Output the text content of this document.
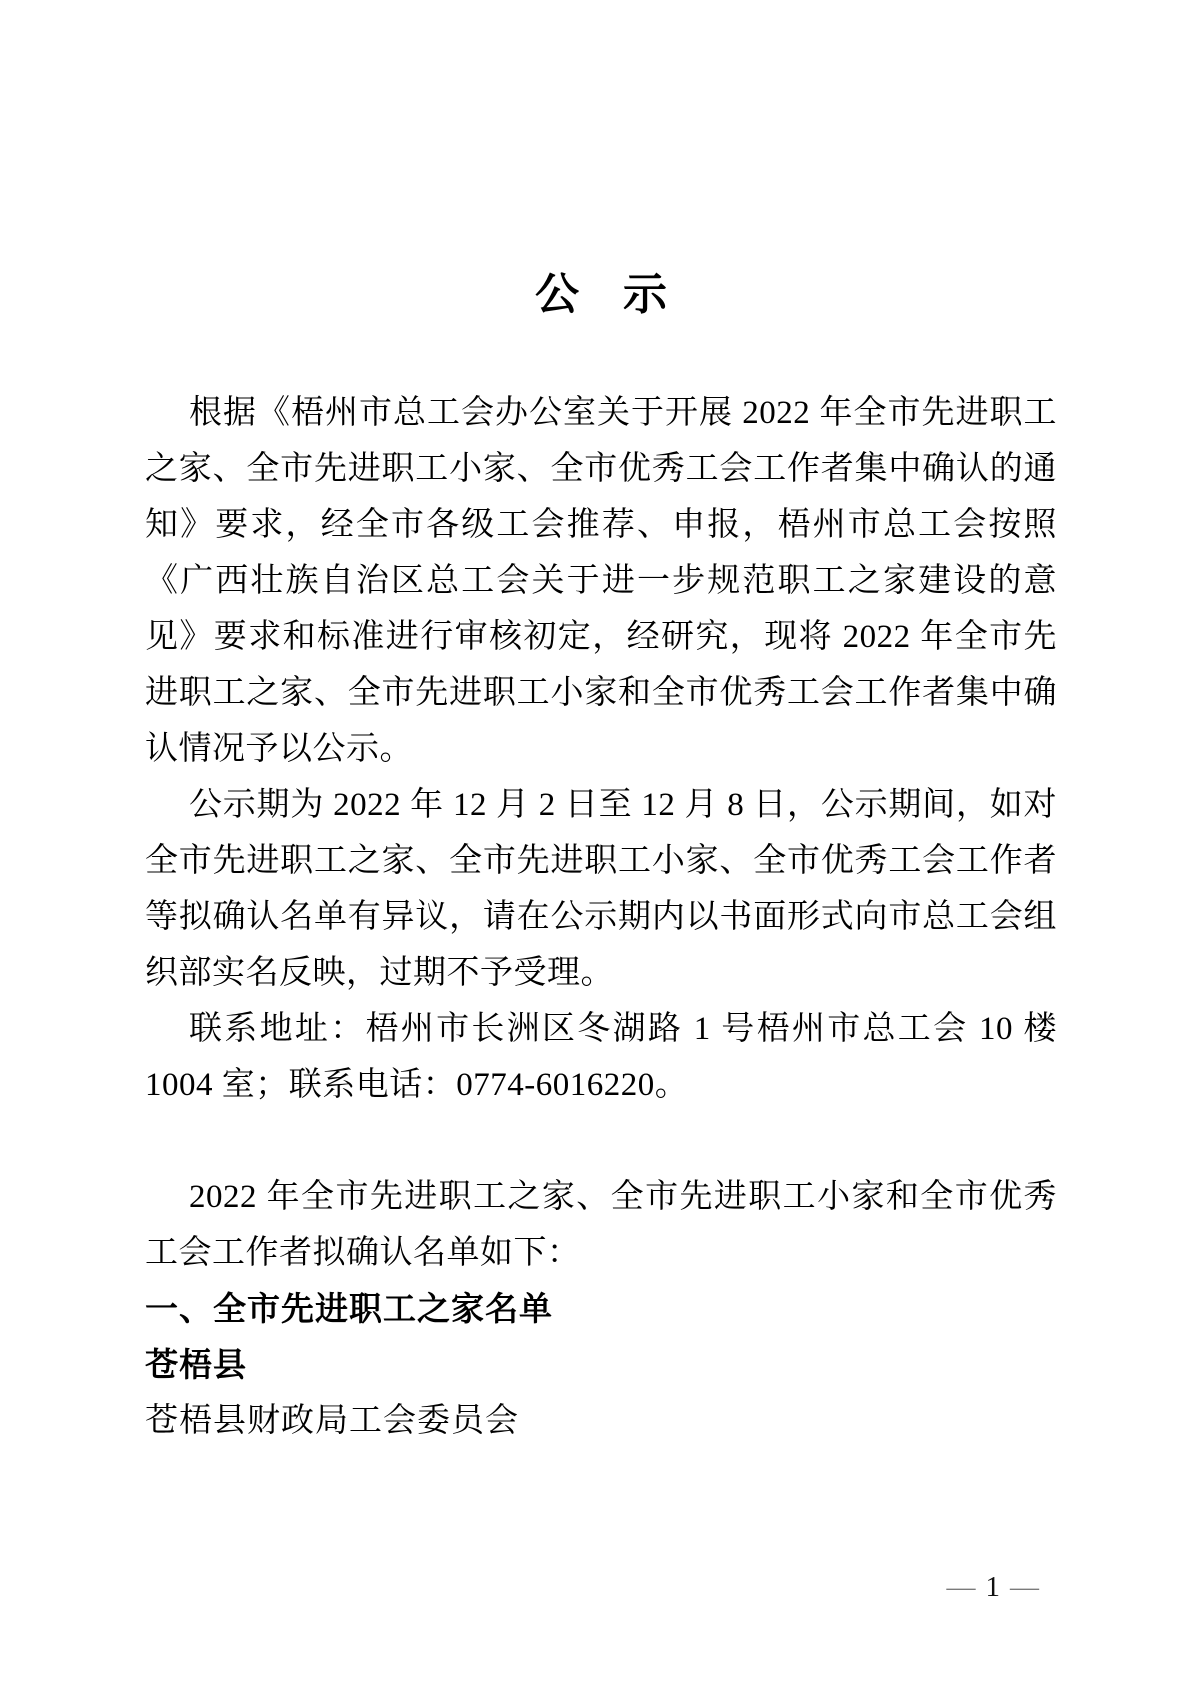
公　示

根据《梧州市总工会办公室关于开展 2022 年全市先进职工之家、全市先进职工小家、全市优秀工会工作者集中确认的通知》要求，经全市各级工会推荐、申报，梧州市总工会按照《广西壮族自治区总工会关于进一步规范职工之家建设的意见》要求和标准进行审核初定，经研究，现将 2022 年全市先进职工之家、全市先进职工小家和全市优秀工会工作者集中确认情况予以公示。

公示期为 2022 年 12 月 2 日至 12 月 8 日，公示期间，如对全市先进职工之家、全市先进职工小家、全市优秀工会工作者等拟确认名单有异议，请在公示期内以书面形式向市总工会组织部实名反映，过期不予受理。

联系地址：梧州市长洲区冬湖路 1 号梧州市总工会 10 楼 1004 室；联系电话：0774-6016220。

2022 年全市先进职工之家、全市先进职工小家和全市优秀工会工作者拟确认名单如下：

一、全市先进职工之家名单
苍梧县

苍梧县财政局工会委员会

— 1 —
